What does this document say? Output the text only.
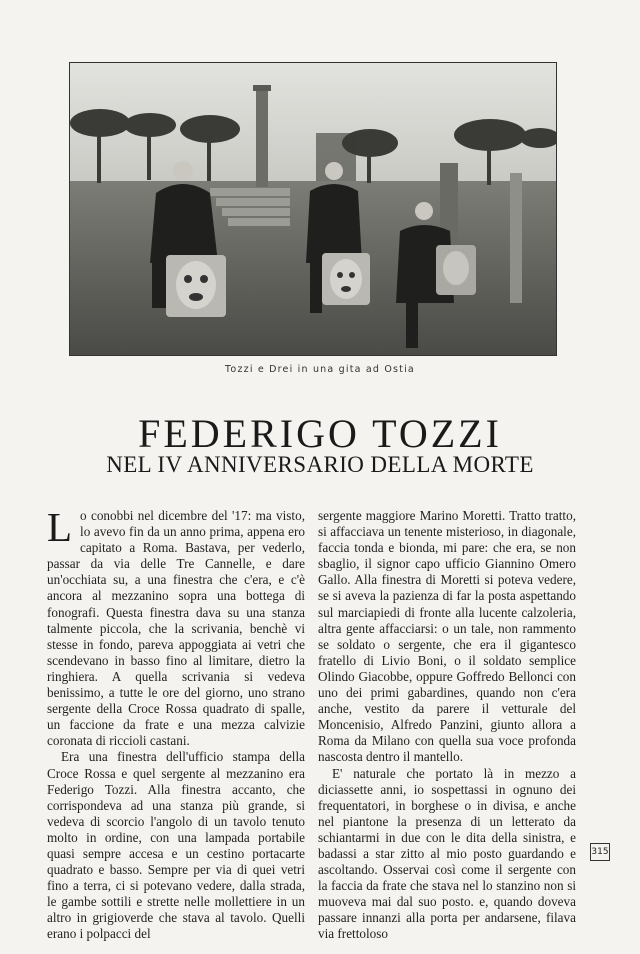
Tozzi e Drei in una gita ad Ostia
FEDERIGO TOZZI
NEL IV ANNIVERSARIO DELLA MORTE

L o conobbi nel dicembre del '17: ma visto, lo avevo fin da un anno prima, appena ero capitato a Roma. Bastava, per vederlo, passar da via delle Tre Cannelle, e dare un'occhiata su, a una finestra che c'era, e c'è ancora al mezzanino sopra una bottega di fonografi. Questa finestra dava su una stanza talmente piccola, che la scrivania, benchè vi stesse in fondo, pareva appoggiata ai vetri che scendevano in basso fino al limitare, dietro la ringhiera. A quella scrivania si vedeva benissimo, a tutte le ore del giorno, uno strano sergente della Croce Rossa quadrato di spalle, un faccione da frate e una mezza calvizie coronata di riccioli castani.

Era una finestra dell'ufficio stampa della Croce Rossa e quel sergente al mezzanino era Federigo Tozzi. Alla finestra accanto, che corrispondeva ad una stanza più grande, si vedeva di scorcio l'angolo di un tavolo tenuto molto in ordine, con una lampada portabile quasi sempre accesa e un cestino portacarte quadrato e basso. Sempre per via di quei vetri fino a terra, ci si potevano vedere, dalla strada, le gambe sottili e strette nelle mollettiere in un altro in grigioverde che stava al tavolo. Quelli erano i polpacci del

sergente maggiore Marino Moretti. Tratto tratto, si affacciava un tenente misterioso, in diagonale, faccia tonda e bionda, mi pare: che era, se non sbaglio, il signor capo ufficio Giannino Omero Gallo. Alla finestra di Moretti si poteva vedere, se si aveva la pazienza di far la posta aspettando sul marciapiedi di fronte alla lucente calzoleria, altra gente affacciarsi: o un tale, non rammento se soldato o sergente, che era il gigantesco fratello di Livio Boni, o il soldato semplice Olindo Giacobbe, oppure Goffredo Bellonci con uno dei primi gabardines, quando non c'era anche, vestito da parere il vetturale del Moncenisio, Alfredo Panzini, giunto allora a Roma da Milano con quella sua voce profonda nascosta dentro il mantello.

E' naturale che portato là in mezzo a diciassette anni, io sospettassi in ognuno dei frequentatori, in borghese o in divisa, e anche nel piantone la presenza di un letterato da schiantarmi in due con le dita della sinistra, e badassi a star zitto al mio posto guardando e ascoltando. Osservai così come il sergente con la faccia da frate che stava nel lo stanzino non si muoveva mai dal suo posto. e, quando doveva passare innanzi alla porta per andarsene, filava via frettoloso

315
